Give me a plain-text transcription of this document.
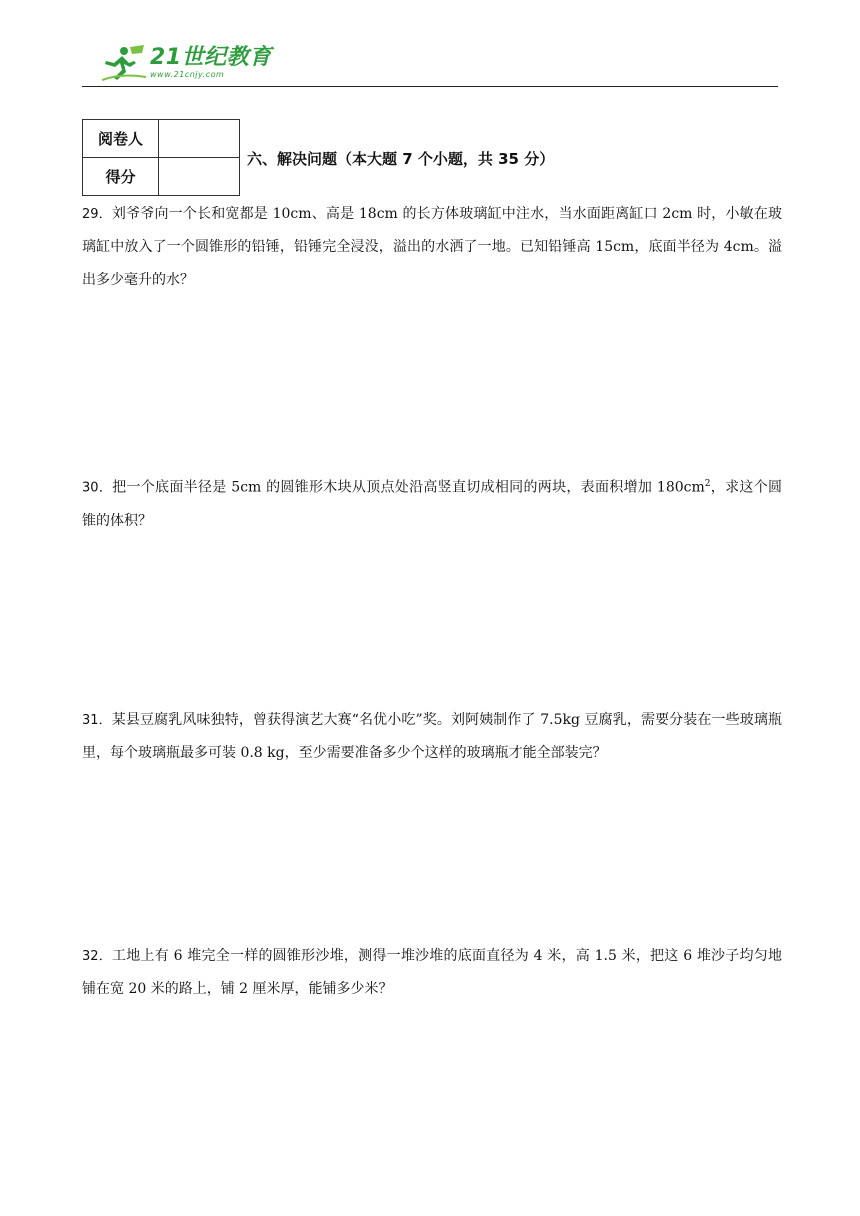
21世纪教育
www.21cnjy.com
阅卷人	
得分	
六、解决问题（本大题 7 个小题，共 35 分）
29．刘爷爷向一个长和宽都是 10cm、高是 18cm 的长方体玻璃缸中注水，当水面距离缸口 2cm 时，小敏在玻璃缸中放入了一个圆锥形的铅锤，铅锤完全浸没，溢出的水洒了一地。已知铅锤高 15cm，底面半径为 4cm。溢出多少毫升的水？
30．把一个底面半径是 5cm 的圆锥形木块从顶点处沿高竖直切成相同的两块，表面积增加 $180cm^2$，求这个圆锥的体积？
31．某县豆腐乳风味独特，曾获得演艺大赛“名优小吃”奖。刘阿姨制作了 7.5kg 豆腐乳，需要分装在一些玻璃瓶里，每个玻璃瓶最多可装 0.8 kg，至少需要准备多少个这样的玻璃瓶才能全部装完？
32．工地上有 6 堆完全一样的圆锥形沙堆，测得一堆沙堆的底面直径为 4 米，高 1.5 米，把这 6 堆沙子均匀地铺在宽 20 米的路上，铺 2 厘米厚，能铺多少米？
